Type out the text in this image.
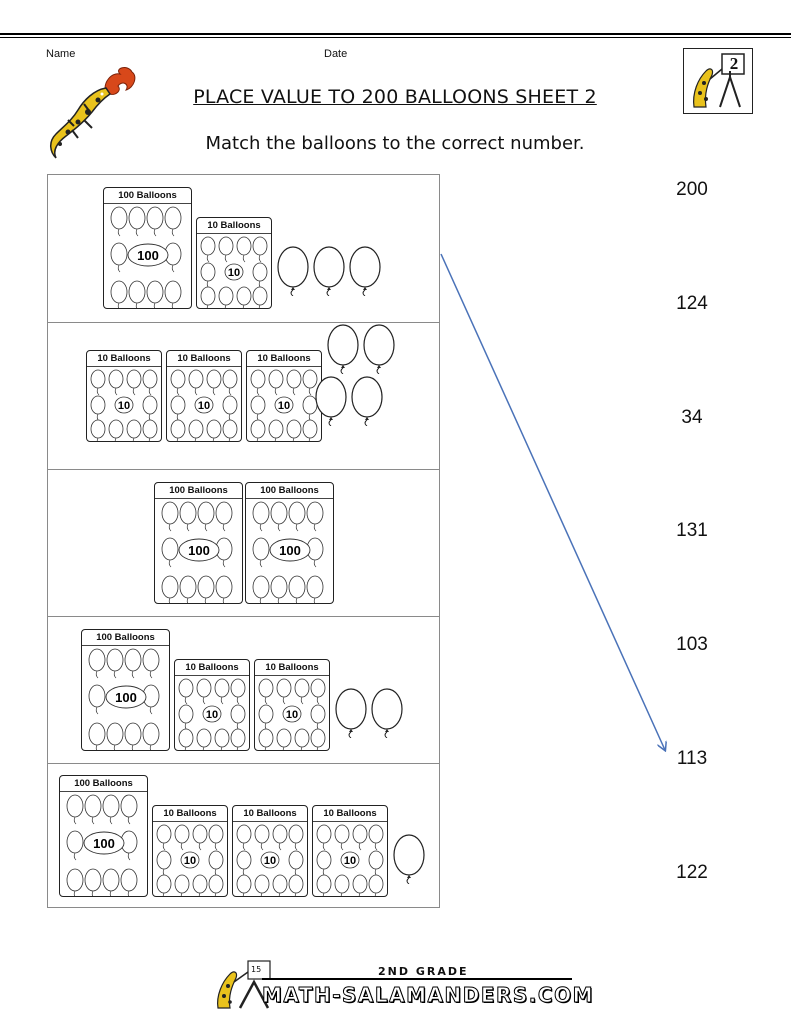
Name	Date
PLACE VALUE TO 200 BALLOONS SHEET 2
Match the balloons to the correct number.
2
100 Balloons
100
10 Balloons
10
10 Balloons
10
10 Balloons
10
10 Balloons
10
100 Balloons
100
100 Balloons
100
100 Balloons
100
10 Balloons
10
10 Balloons
10
100 Balloons
100
10 Balloons
10
10 Balloons
10
10 Balloons
10
200
124
34
131
103
113
122
15	2ND GRADE
MATH-SALAMANDERS.COM
